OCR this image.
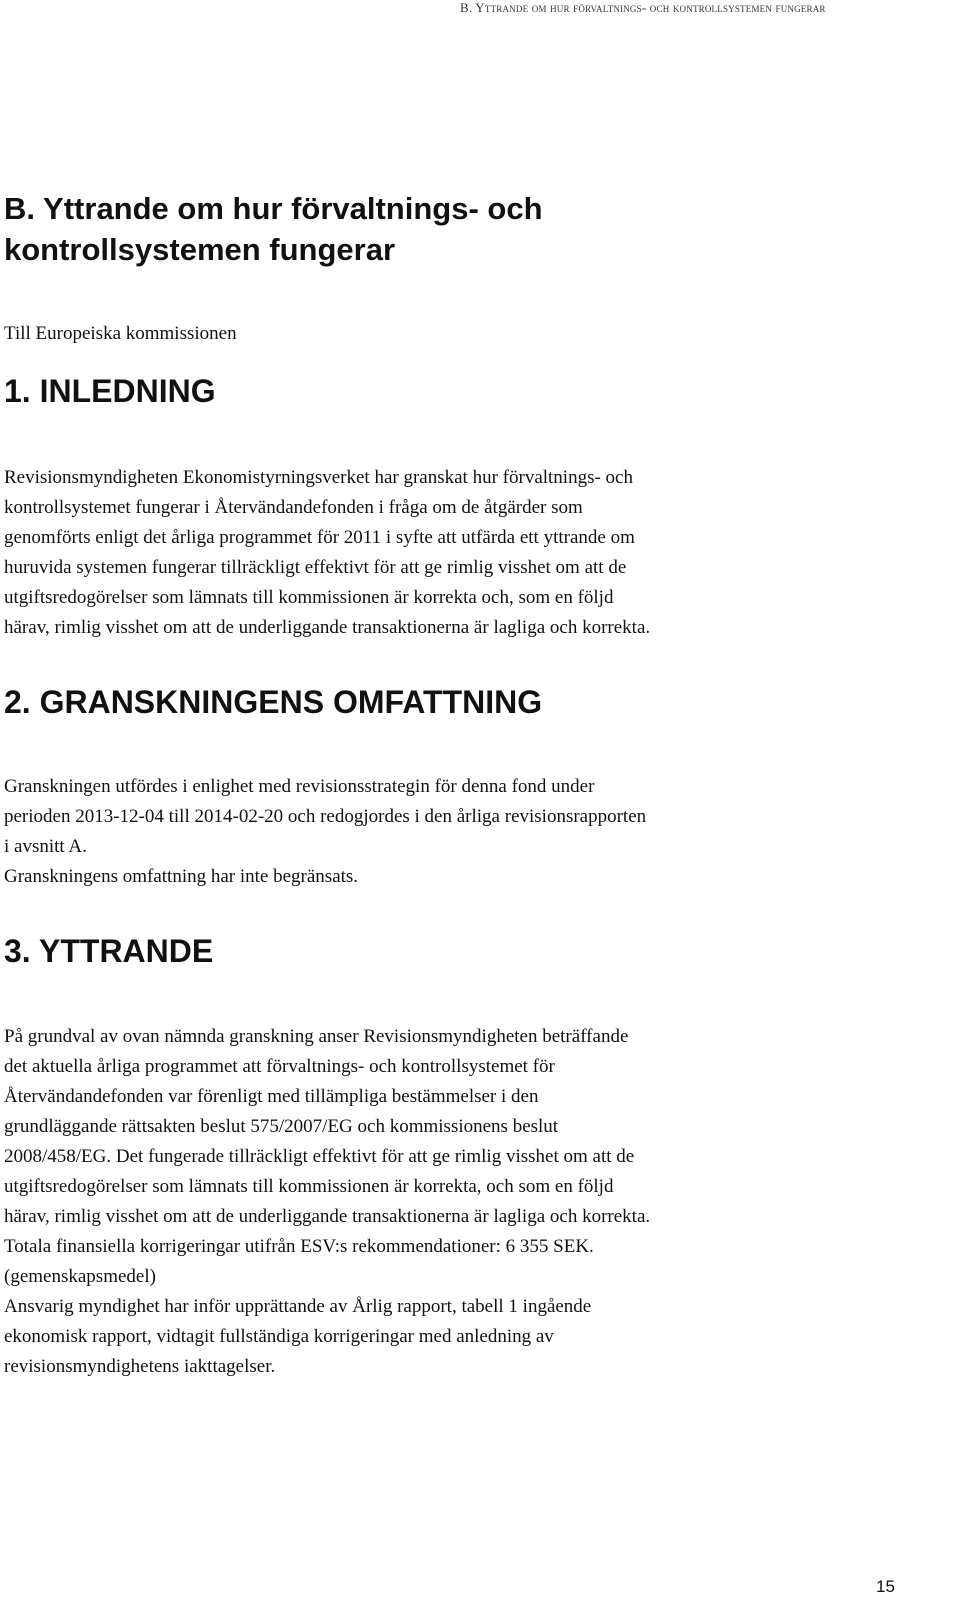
B. Yttrande om hur förvaltnings- och kontrollsystemen fungerar
B. Yttrande om hur förvaltnings- och
kontrollsystemen fungerar

Till Europeiska kommissionen

1. INLEDNING
Revisionsmyndigheten Ekonomistyrningsverket har granskat hur förvaltnings- och
kontrollsystemet fungerar i Återvändandefonden i fråga om de åtgärder som
genomförts enligt det årliga programmet för 2011 i syfte att utfärda ett yttrande om
huruvida systemen fungerar tillräckligt effektivt för att ge rimlig visshet om att de
utgiftsredogörelser som lämnats till kommissionen är korrekta och, som en följd
härav, rimlig visshet om att de underliggande transaktionerna är lagliga och korrekta.
2. GRANSKNINGENS OMFATTNING
Granskningen utfördes i enlighet med revisionsstrategin för denna fond under
perioden 2013-12-04 till 2014-02-20 och redogjordes i den årliga revisionsrapporten
i avsnitt A.
Granskningens omfattning har inte begränsats.
3. YTTRANDE
På grundval av ovan nämnda granskning anser Revisionsmyndigheten beträffande
det aktuella årliga programmet att förvaltnings- och kontrollsystemet för
Återvändandefonden var förenligt med tillämpliga bestämmelser i den
grundläggande rättsakten beslut 575/2007/EG och kommissionens beslut
2008/458/EG. Det fungerade tillräckligt effektivt för att ge rimlig visshet om att de
utgiftsredogörelser som lämnats till kommissionen är korrekta, och som en följd
härav, rimlig visshet om att de underliggande transaktionerna är lagliga och korrekta.
Totala finansiella korrigeringar utifrån ESV:s rekommendationer: 6 355 SEK.
(gemenskapsmedel)
Ansvarig myndighet har inför upprättande av Årlig rapport, tabell 1 ingående
ekonomisk rapport, vidtagit fullständiga korrigeringar med anledning av
revisionsmyndighetens iakttagelser.
15
